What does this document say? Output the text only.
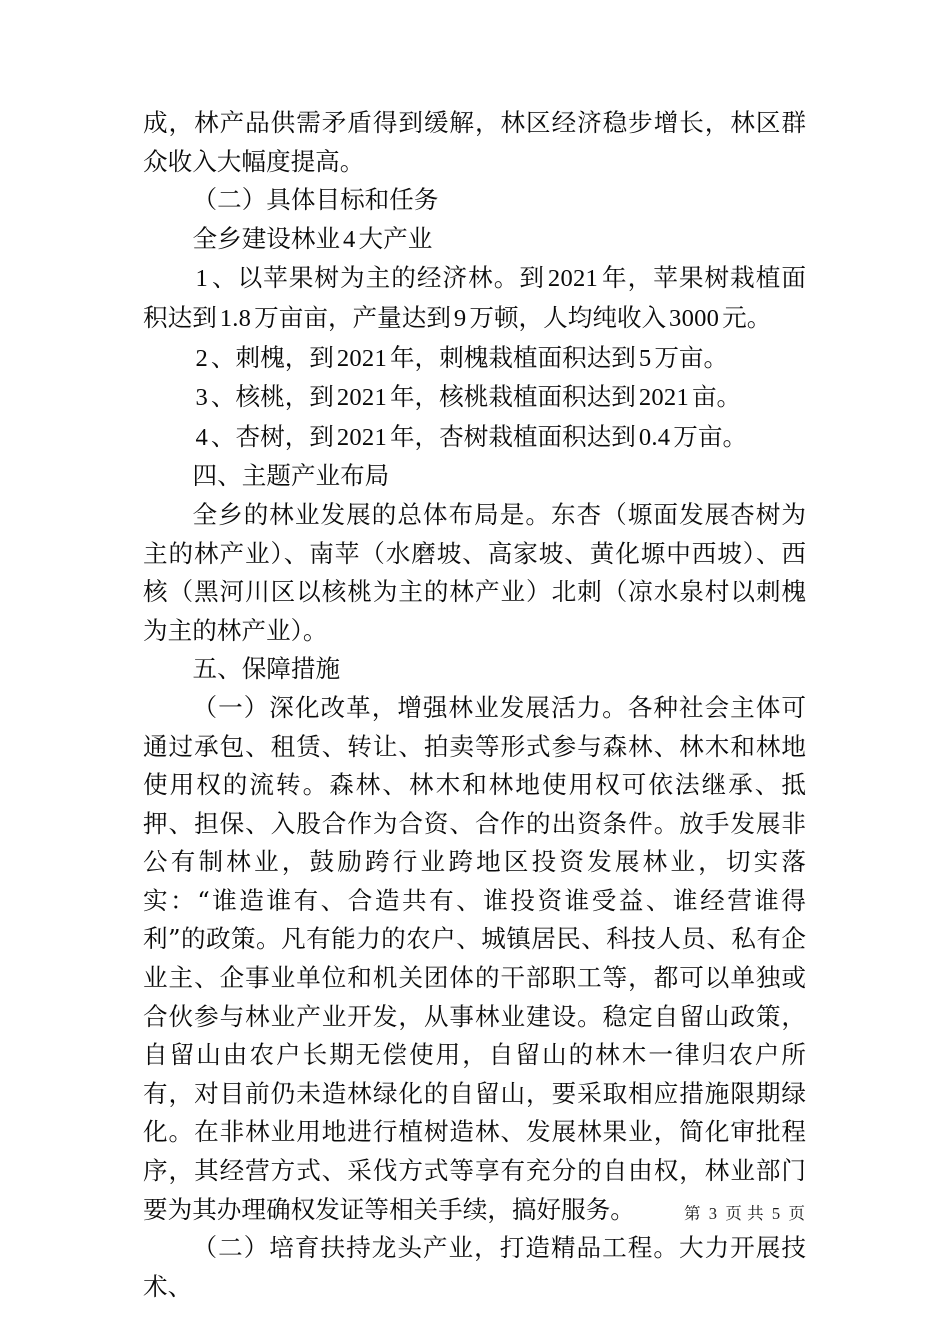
成，林产品供需矛盾得到缓解，林区经济稳步增长，林区群众收入大幅度提高。

（二）具体目标和任务

全乡建设林业 4 大产业

1 、以苹果树为主的经济林。到 2021 年，苹果树栽植面积达到 1.8 万亩亩，产量达到 9 万顿，人均纯收入 3000 元。

2 、刺槐，到 2021 年，刺槐栽植面积达到 5 万亩。

3 、核桃，到 2021 年，核桃栽植面积达到 2021 亩。

4 、杏树，到 2021 年，杏树栽植面积达到 0.4 万亩。

四、主题产业布局

全乡的林业发展的总体布局是。东杏（塬面发展杏树为主的林产业）、南苹（水磨坡、高家坡、黄化塬中西坡）、西核（黑河川区以核桃为主的林产业）北刺（凉水泉村以刺槐为主的林产业）。

五、保障措施

（一）深化改革，增强林业发展活力。各种社会主体可通过承包、租赁、转让、拍卖等形式参与森林、林木和林地使用权的流转。森林、林木和林地使用权可依法继承、抵押、担保、入股合作为合资、合作的出资条件。放手发展非公有制林业，鼓励跨行业跨地区投资发展林业，切实落实：“谁造谁有、合造共有、谁投资谁受益、谁经营谁得利”的政策。凡有能力的农户、城镇居民、科技人员、私有企业主、企事业单位和机关团体的干部职工等，都可以单独或合伙参与林业产业开发，从事林业建设。稳定自留山政策，自留山由农户长期无偿使用，自留山的林木一律归农户所有，对目前仍未造林绿化的自留山，要采取相应措施限期绿化。在非林业用地进行植树造林、发展林果业，简化审批程序，其经营方式、采伐方式等享有充分的自由权，林业部门要为其办理确权发证等相关手续，搞好服务。

（二）培育扶持龙头产业，打造精品工程。大力开展技术、

第 3 页 共 5 页
